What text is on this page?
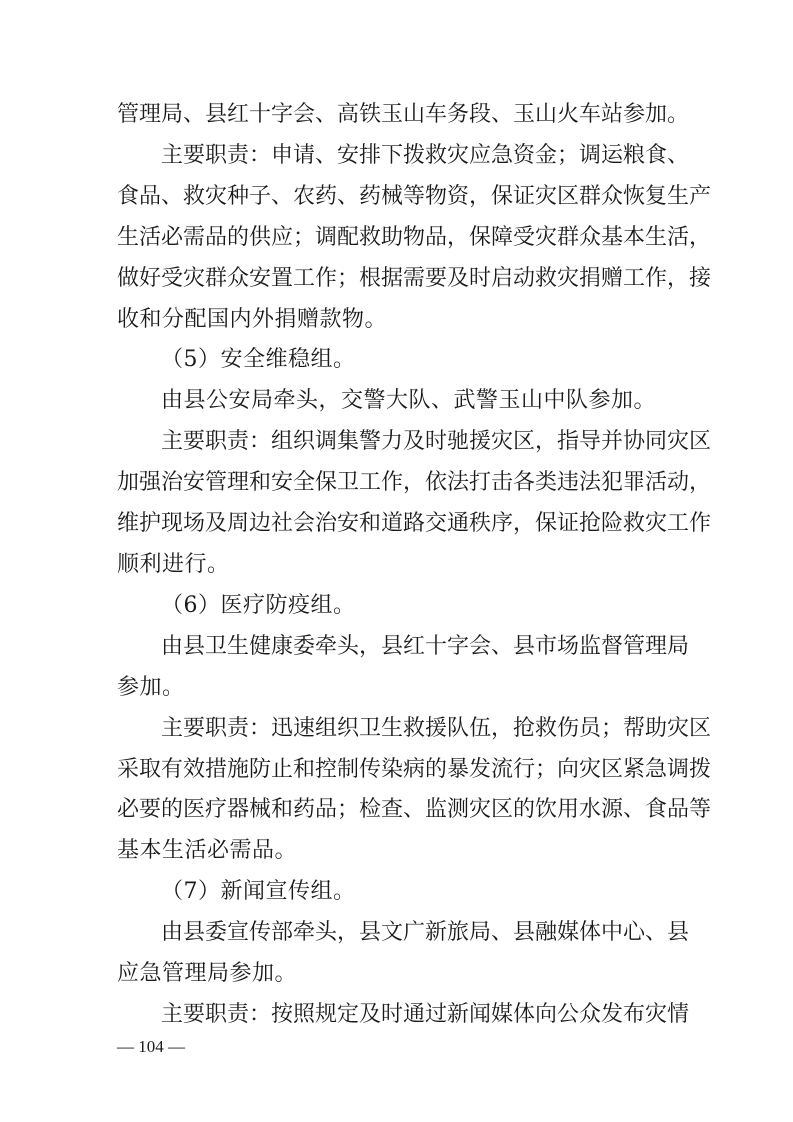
管理局、县红十字会、高铁玉山车务段、玉山火车站参加。
主要职责：申请、安排下拨救灾应急资金；调运粮食、
食品、救灾种子、农药、药械等物资，保证灾区群众恢复生产
生活必需品的供应；调配救助物品，保障受灾群众基本生活，
做好受灾群众安置工作；根据需要及时启动救灾捐赠工作，接
收和分配国内外捐赠款物。
（5）安全维稳组。
由县公安局牵头，交警大队、武警玉山中队参加。
主要职责：组织调集警力及时驰援灾区，指导并协同灾区
加强治安管理和安全保卫工作，依法打击各类违法犯罪活动，
维护现场及周边社会治安和道路交通秩序，保证抢险救灾工作
顺利进行。
（6）医疗防疫组。
由县卫生健康委牵头，县红十字会、县市场监督管理局
参加。
主要职责：迅速组织卫生救援队伍，抢救伤员；帮助灾区
采取有效措施防止和控制传染病的暴发流行；向灾区紧急调拨
必要的医疗器械和药品；检查、监测灾区的饮用水源、食品等
基本生活必需品。
（7）新闻宣传组。
由县委宣传部牵头，县文广新旅局、县融媒体中心、县
应急管理局参加。
主要职责：按照规定及时通过新闻媒体向公众发布灾情
— 104 —
